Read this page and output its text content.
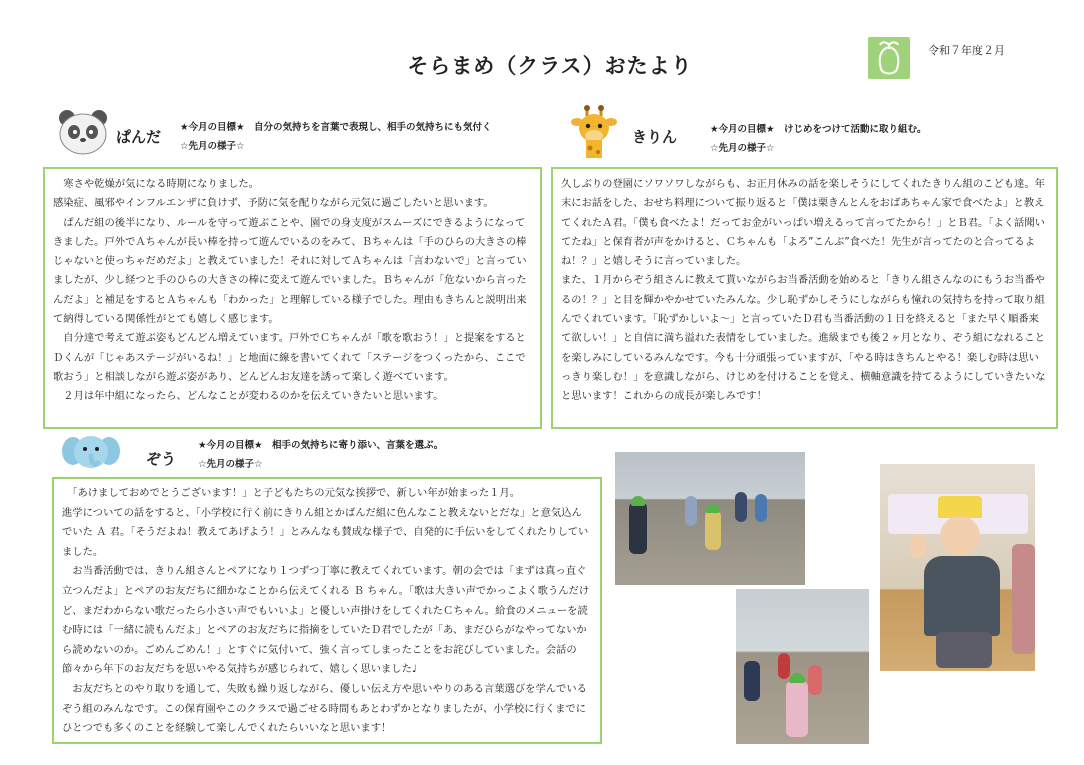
そらまめ（クラス）おたより
令和７年度２月
ぱんだ
★今月の目標★　自分の気持ちを言葉で表現し、相手の気持ちにも気付く
☆先月の様子☆

　寒さや乾燥が気になる時期になりました。
感染症、風邪やインフルエンザに負けず、予防に気を配りながら元気に過ごしたいと思います。
　ぱんだ組の後半になり、ルールを守って遊ぶことや、園での身支度がスムーズにできるようになってきました。戸外でＡちゃんが長い棒を持って遊んでいるのをみて、Ｂちゃんは「手のひらの大きさの棒じゃないと使っちゃだめだよ」と教えていました！それに対してＡちゃんは「言わないで」と言っていましたが、少し経つと手のひらの大きさの棒に変えて遊んでいました。Ｂちゃんが「危ないから言ったんだよ」と補足をするとＡちゃんも「わかった」と理解している様子でした。理由もきちんと説明出来て納得している関係性がとても嬉しく感じます。
　自分達で考えて遊ぶ姿もどんどん増えています。戸外でＣちゃんが「歌を歌おう！」と提案をするとＤくんが「じゃあステージがいるね！」と地面に線を書いてくれて「ステージをつくったから、ここで歌おう」と相談しながら遊ぶ姿があり、どんどんお友達を誘って楽しく遊べています。
　２月は年中組になったら、どんなことが変わるのかを伝えていきたいと思います。

きりん	★今月の目標★　けじめをつけて活動に取り組む。
☆先月の様子☆

久しぶりの登園にソワソワしながらも、お正月休みの話を楽しそうにしてくれたきりん組のこども達。年末にお話をした、おせち料理について振り返ると「僕は栗きんとんをおばあちゃん家で食べたよ」と教えてくれたＡ君。「僕も食べたよ！だってお金がいっぱい増えるって言ってたから！」とＢ君。「よく話聞いてたね」と保育者が声をかけると、Ｃちゃんも「よろ”こんぶ”食べた！先生が言ってたのと合ってるよね！？」と嬉しそうに言っていました。
また、１月からぞう組さんに教えて貰いながらお当番活動を始めると「きりん組さんなのにもうお当番やるの！？」と目を輝かやかせていたみんな。少し恥ずかしそうにしながらも憧れの気持ちを持って取り組んでくれています。「恥ずかしいよ～」と言っていたＤ君も当番活動の１日を終えると「また早く順番来て欲しい！」と自信に満ち溢れた表情をしていました。進級までも後２ヶ月となり、ぞう組になれることを楽しみにしているみんなです。今も十分頑張っていますが、「やる時はきちんとやる！楽しむ時は思いっきり楽しむ！」を意識しながら、けじめを付けることを覚え、横軸意識を持てるようにしていきたいなと思います！これからの成長が楽しみです！

ぞう
★今月の目標★　相手の気持ちに寄り添い、言葉を選ぶ。
☆先月の様子☆

　「あけましておめでとうございます！」と子どもたちの元気な挨拶で、新しい年が始まった１月。
進学についての話をすると、「小学校に行く前にきりん組とかばんだ組に色んなこと教えないとだな」と意気込んでいた Ａ 君。「そうだよね！教えてあげよう！」とみんなも賛成な様子で、自発的に手伝いをしてくれたりしていました。
　お当番活動では、きりん組さんとペアになり１つずつ丁寧に教えてくれています。朝の会では「まずは真っ直ぐ立つんだよ」とペアのお友だちに細かなことから伝えてくれる Ｂ ちゃん。「歌は大きい声でかっこよく歌うんだけど、まだわからない歌だったら小さい声でもいいよ」と優しい声掛けをしてくれたＣちゃん。給食のメニューを読む時には「一緒に読もんだよ」とペアのお友だちに指摘をしていたＤ君でしたが「あ、まだひらがなやってないから読めないのか。ごめんごめん！」とすぐに気付いて、強く言ってしまったことをお詫びしていました。会話の節々から年下のお友だちを思いやる気持ちが感じられて、嬉しく思いました♩
　お友だちとのやり取りを通して、失敗も繰り返しながら、優しい伝え方や思いやりのある言葉選びを学んでいるぞう組のみんなです。この保育園やこのクラスで過ごせる時間もあとわずかとなりましたが、小学校に行くまでにひとつでも多くのことを経験して楽しんでくれたらいいなと思います！
